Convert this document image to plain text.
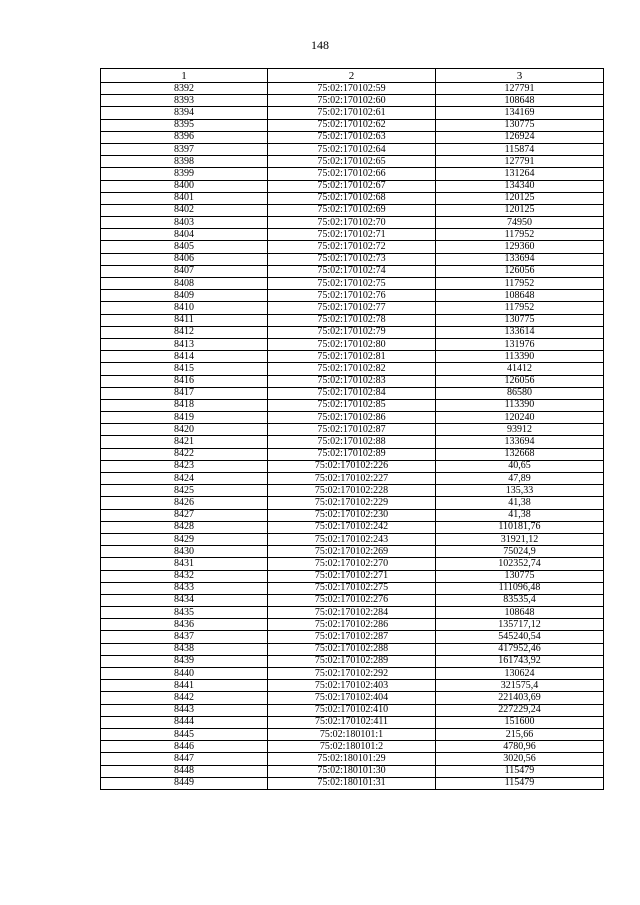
148
1	2	3
8392	75:02:170102:59	127791
8393	75:02:170102:60	108648
8394	75:02:170102:61	134169
8395	75:02:170102:62	130775
8396	75:02:170102:63	126924
8397	75:02:170102:64	115874
8398	75:02:170102:65	127791
8399	75:02:170102:66	131264
8400	75:02:170102:67	134340
8401	75:02:170102:68	120125
8402	75:02:170102:69	120125
8403	75:02:170102:70	74950
8404	75:02:170102:71	117952
8405	75:02:170102:72	129360
8406	75:02:170102:73	133694
8407	75:02:170102:74	126056
8408	75:02:170102:75	117952
8409	75:02:170102:76	108648
8410	75:02:170102:77	117952
8411	75:02:170102:78	130775
8412	75:02:170102:79	133614
8413	75:02:170102:80	131976
8414	75:02:170102:81	113390
8415	75:02:170102:82	41412
8416	75:02:170102:83	126056
8417	75:02:170102:84	86580
8418	75:02:170102:85	113390
8419	75:02:170102:86	120240
8420	75:02:170102:87	93912
8421	75:02:170102:88	133694
8422	75:02:170102:89	132668
8423	75:02:170102:226	40,65
8424	75:02:170102:227	47,89
8425	75:02:170102:228	135,33
8426	75:02:170102:229	41,38
8427	75:02:170102:230	41,38
8428	75:02:170102:242	110181,76
8429	75:02:170102:243	31921,12
8430	75:02:170102:269	75024,9
8431	75:02:170102:270	102352,74
8432	75:02:170102:271	130775
8433	75:02:170102:275	111096,48
8434	75:02:170102:276	83535,4
8435	75:02:170102:284	108648
8436	75:02:170102:286	135717,12
8437	75:02:170102:287	545240,54
8438	75:02:170102:288	417952,46
8439	75:02:170102:289	161743,92
8440	75:02:170102:292	130624
8441	75:02:170102:403	321575,4
8442	75:02:170102:404	221403,69
8443	75:02:170102:410	227229,24
8444	75:02:170102:411	151600
8445	75:02:180101:1	215,66
8446	75:02:180101:2	4780,96
8447	75:02:180101:29	3020,56
8448	75:02:180101:30	115479
8449	75:02:180101:31	115479
